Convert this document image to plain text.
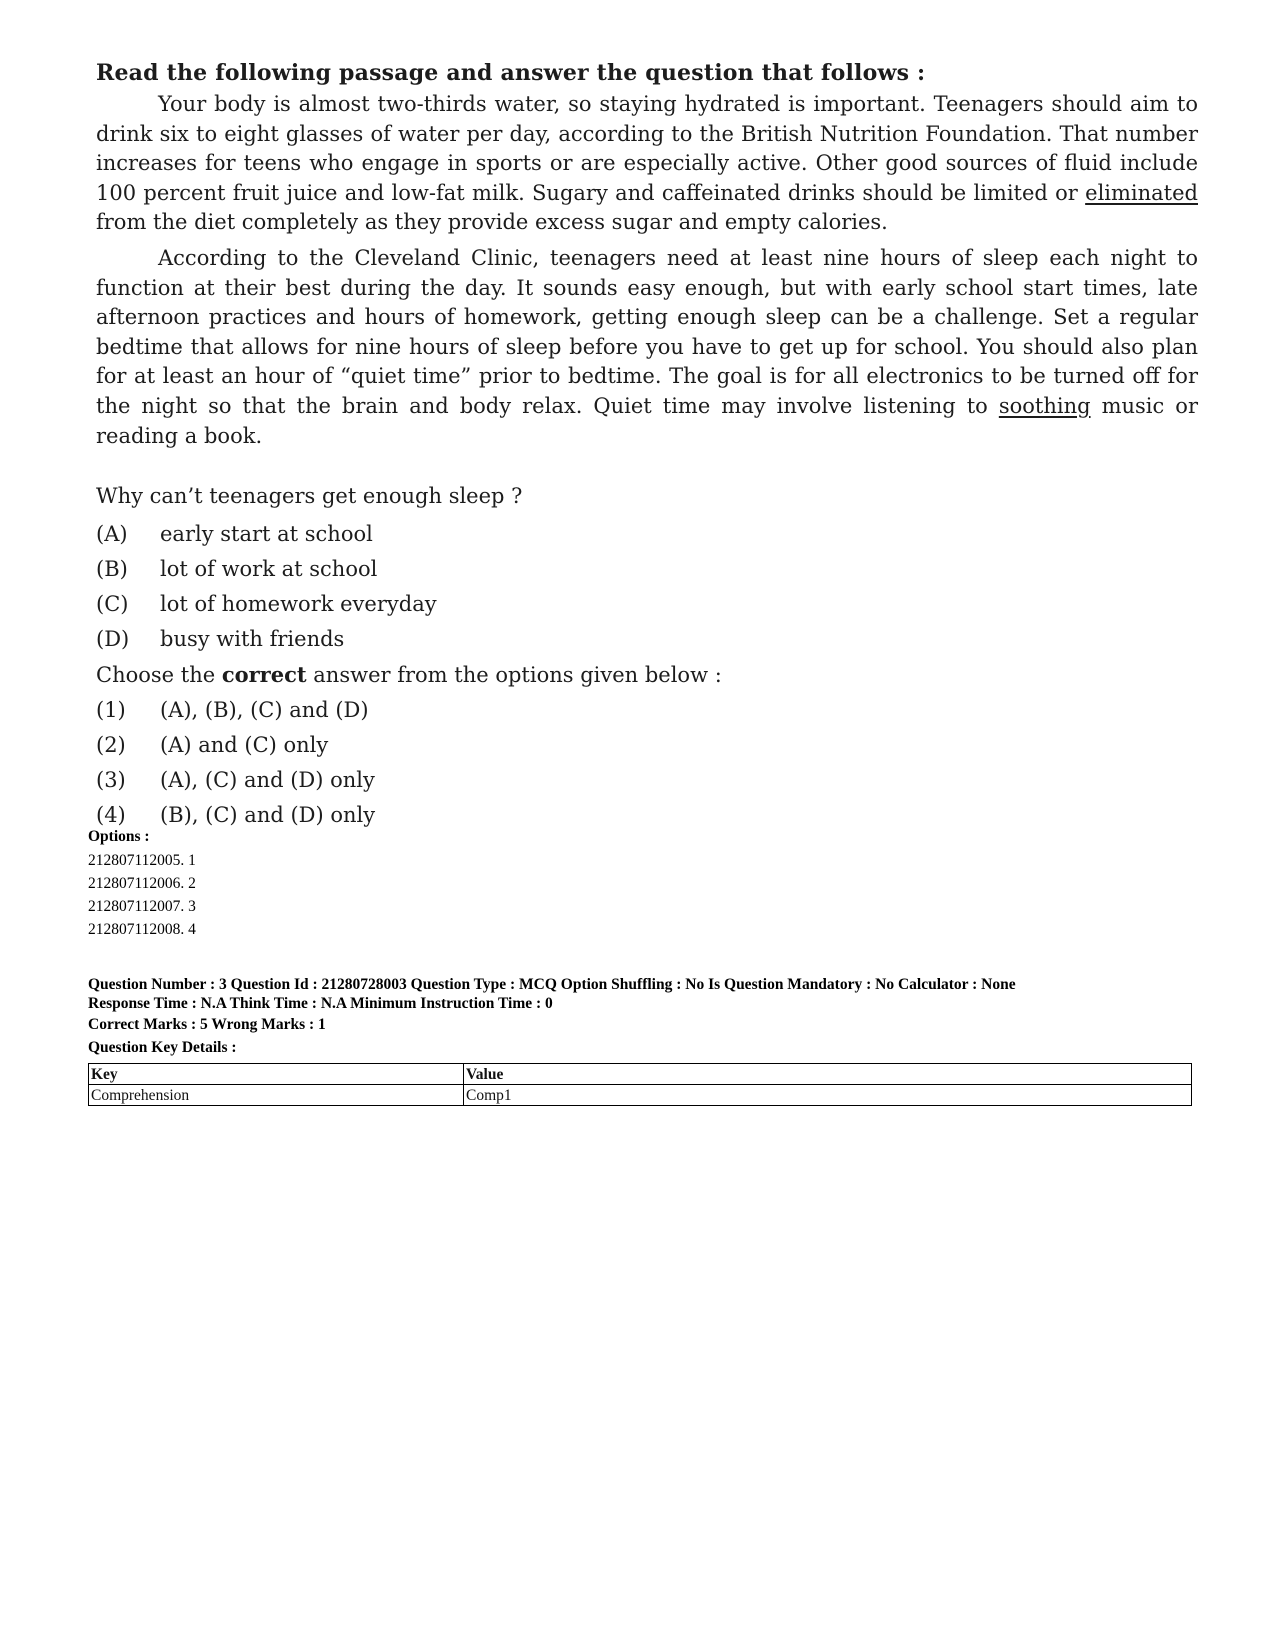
Read the following passage and answer the question that follows :

Your body is almost two-thirds water, so staying hydrated is important. Teenagers should aim to drink six to eight glasses of water per day, according to the British Nutrition Foundation. That number increases for teens who engage in sports or are especially active. Other good sources of fluid include 100 percent fruit juice and low-fat milk. Sugary and caffeinated drinks should be limited or eliminated from the diet completely as they provide excess sugar and empty calories.

According to the Cleveland Clinic, teenagers need at least nine hours of sleep each night to function at their best during the day. It sounds easy enough, but with early school start times, late afternoon practices and hours of homework, getting enough sleep can be a challenge. Set a regular bedtime that allows for nine hours of sleep before you have to get up for school. You should also plan for at least an hour of “quiet time” prior to bedtime. The goal is for all electronics to be turned off for the night so that the brain and body relax. Quiet time may involve listening to soothing music or reading a book.

Why can’t teenagers get enough sleep ?
(A)	early start at school
(B)	lot of work at school
(C)	lot of homework everyday
(D)	busy with friends
Choose the correct answer from the options given below :
(1)	(A), (B), (C) and (D)
(2)	(A) and (C) only
(3)	(A), (C) and (D) only
(4)	(B), (C) and (D) only
Options :
212807112005. 1
212807112006. 2
212807112007. 3
212807112008. 4
Question Number : 3 Question Id : 21280728003 Question Type : MCQ Option Shuffling : No Is Question Mandatory : No Calculator : None
Response Time : N.A Think Time : N.A Minimum Instruction Time : 0
Correct Marks : 5 Wrong Marks : 1
Question Key Details :
Key	Value
Comprehension	Comp1
